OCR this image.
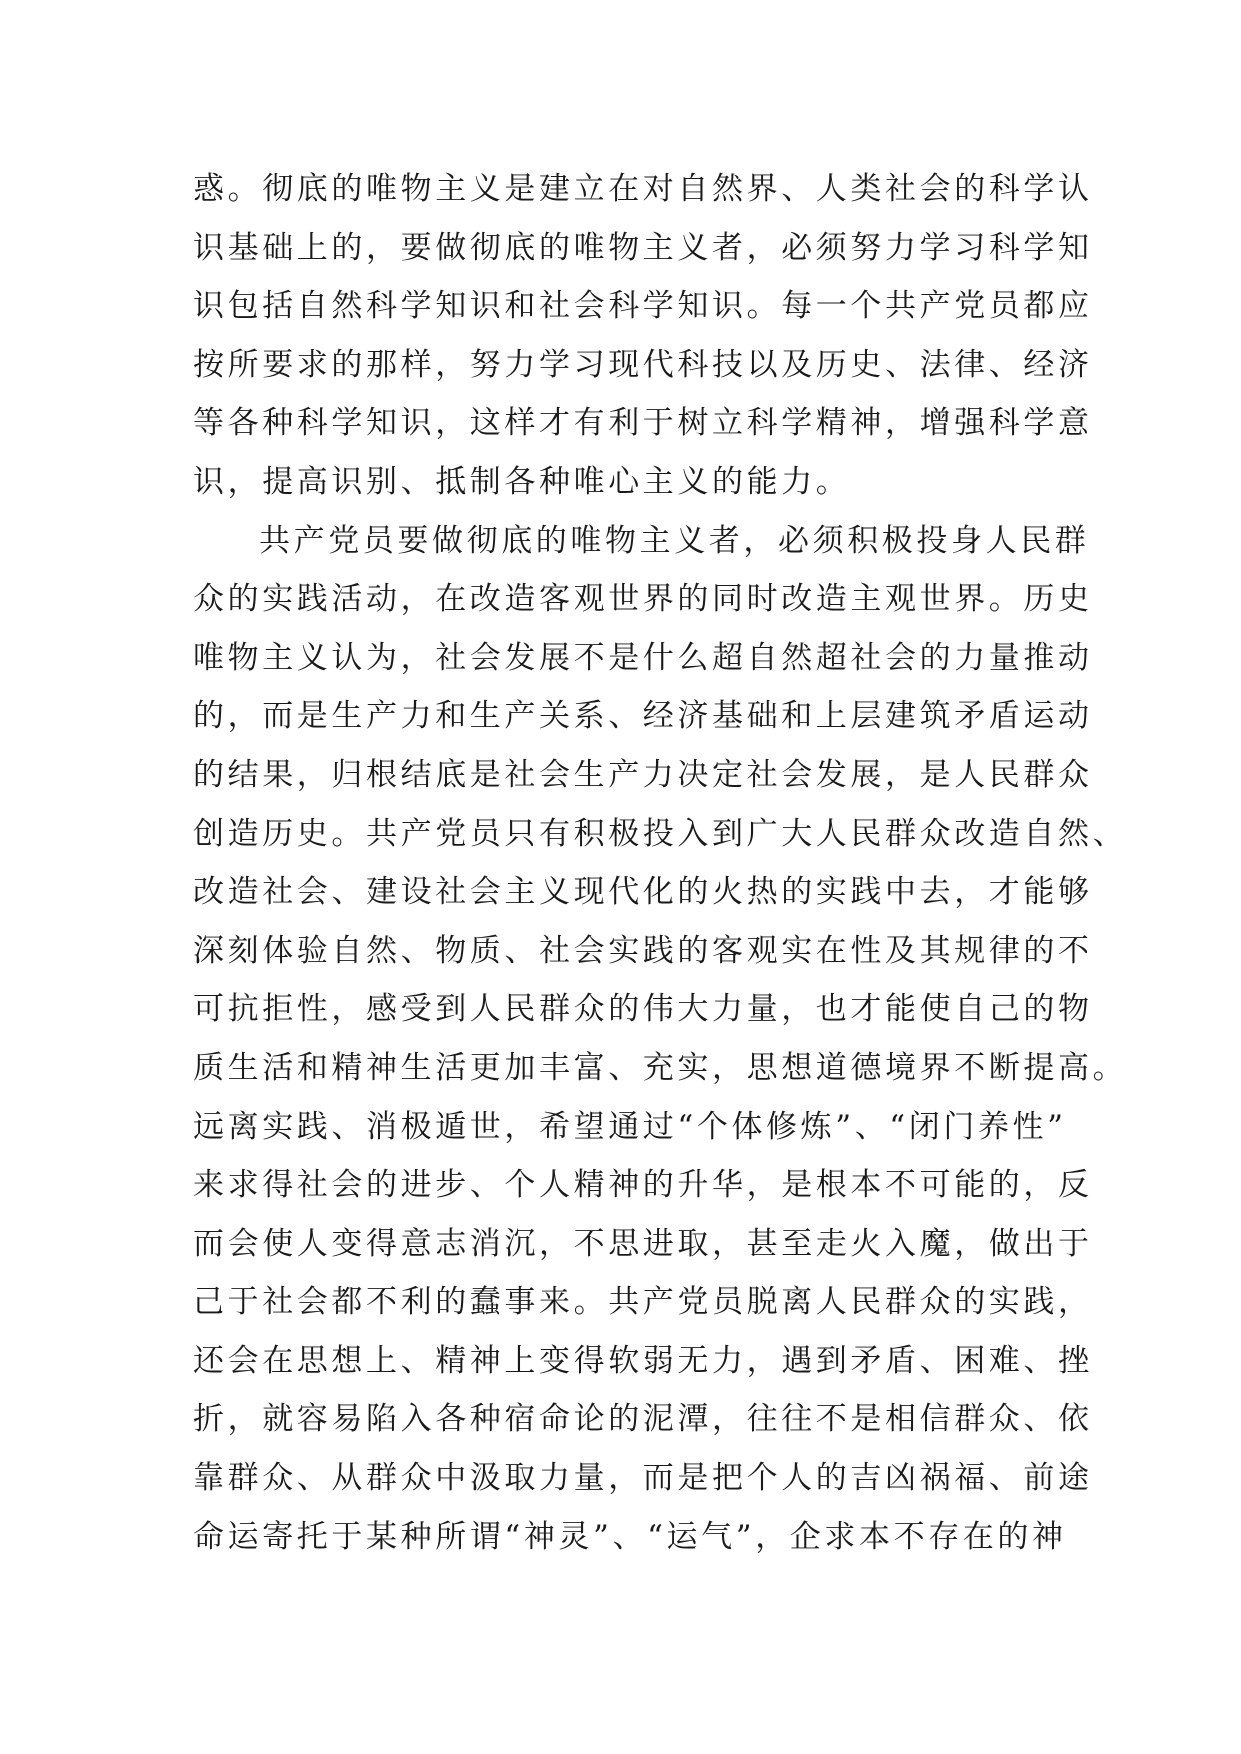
惑。彻底的唯物主义是建立在对自然界、人类社会的科学认
识基础上的，要做彻底的唯物主义者，必须努力学习科学知
识包括自然科学知识和社会科学知识。每一个共产党员都应
按所要求的那样，努力学习现代科技以及历史、法律、经济
等各种科学知识，这样才有利于树立科学精神，增强科学意
识，提高识别、抵制各种唯心主义的能力。
共产党员要做彻底的唯物主义者，必须积极投身人民群
众的实践活动，在改造客观世界的同时改造主观世界。历史
唯物主义认为，社会发展不是什么超自然超社会的力量推动
的，而是生产力和生产关系、经济基础和上层建筑矛盾运动
的结果，归根结底是社会生产力决定社会发展，是人民群众
创造历史。共产党员只有积极投入到广大人民群众改造自然、
改造社会、建设社会主义现代化的火热的实践中去，才能够
深刻体验自然、物质、社会实践的客观实在性及其规律的不
可抗拒性，感受到人民群众的伟大力量，也才能使自己的物
质生活和精神生活更加丰富、充实，思想道德境界不断提高。
远离实践、消极遁世，希望通过“个体修炼”、“闭门养性”
来求得社会的进步、个人精神的升华，是根本不可能的，反
而会使人变得意志消沉，不思进取，甚至走火入魔，做出于
己于社会都不利的蠢事来。共产党员脱离人民群众的实践，
还会在思想上、精神上变得软弱无力，遇到矛盾、困难、挫
折，就容易陷入各种宿命论的泥潭，往往不是相信群众、依
靠群众、从群众中汲取力量，而是把个人的吉凶祸福、前途
命运寄托于某种所谓“神灵”、“运气”，企求本不存在的神
